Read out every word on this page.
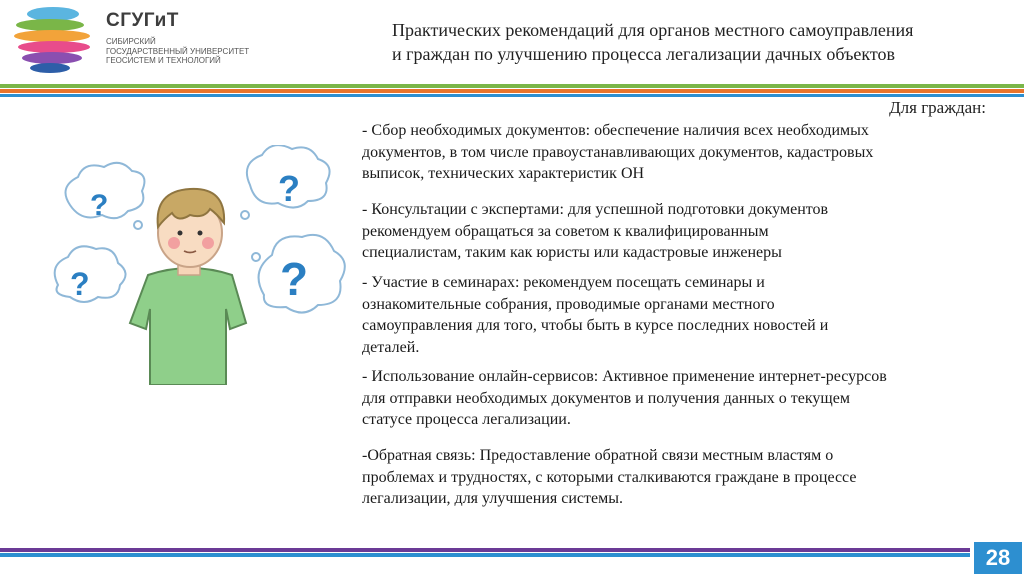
СГУГиТ
СИБИРСКИЙ
ГОСУДАРСТВЕННЫЙ УНИВЕРСИТЕТ
ГЕОСИСТЕМ И ТЕХНОЛОГИЙ
Практических рекомендаций для органов местного самоуправления
и граждан по улучшению процесса легализации дачных объектов
Для граждан:
?	?
?	?
- Сбор необходимых документов: обеспечение наличия всех необходимых
документов, в том числе правоустанавливающих документов, кадастровых
выписок, технических характеристик ОН
- Консультации с экспертами: для успешной подготовки документов
рекомендуем обращаться за советом к квалифицированным
специалистам, таким как юристы или кадастровые инженеры
- Участие в семинарах: рекомендуем посещать семинары и
ознакомительные собрания, проводимые органами местного
самоуправления для того, чтобы быть в курсе последних новостей и
деталей.
- Использование онлайн-сервисов: Активное применение интернет-ресурсов
для отправки необходимых документов и получения данных о текущем
статусе процесса легализации.
-Обратная связь: Предоставление обратной связи местным властям о
проблемах и трудностях, с которыми сталкиваются граждане в процессе
легализации, для улучшения системы.
28
